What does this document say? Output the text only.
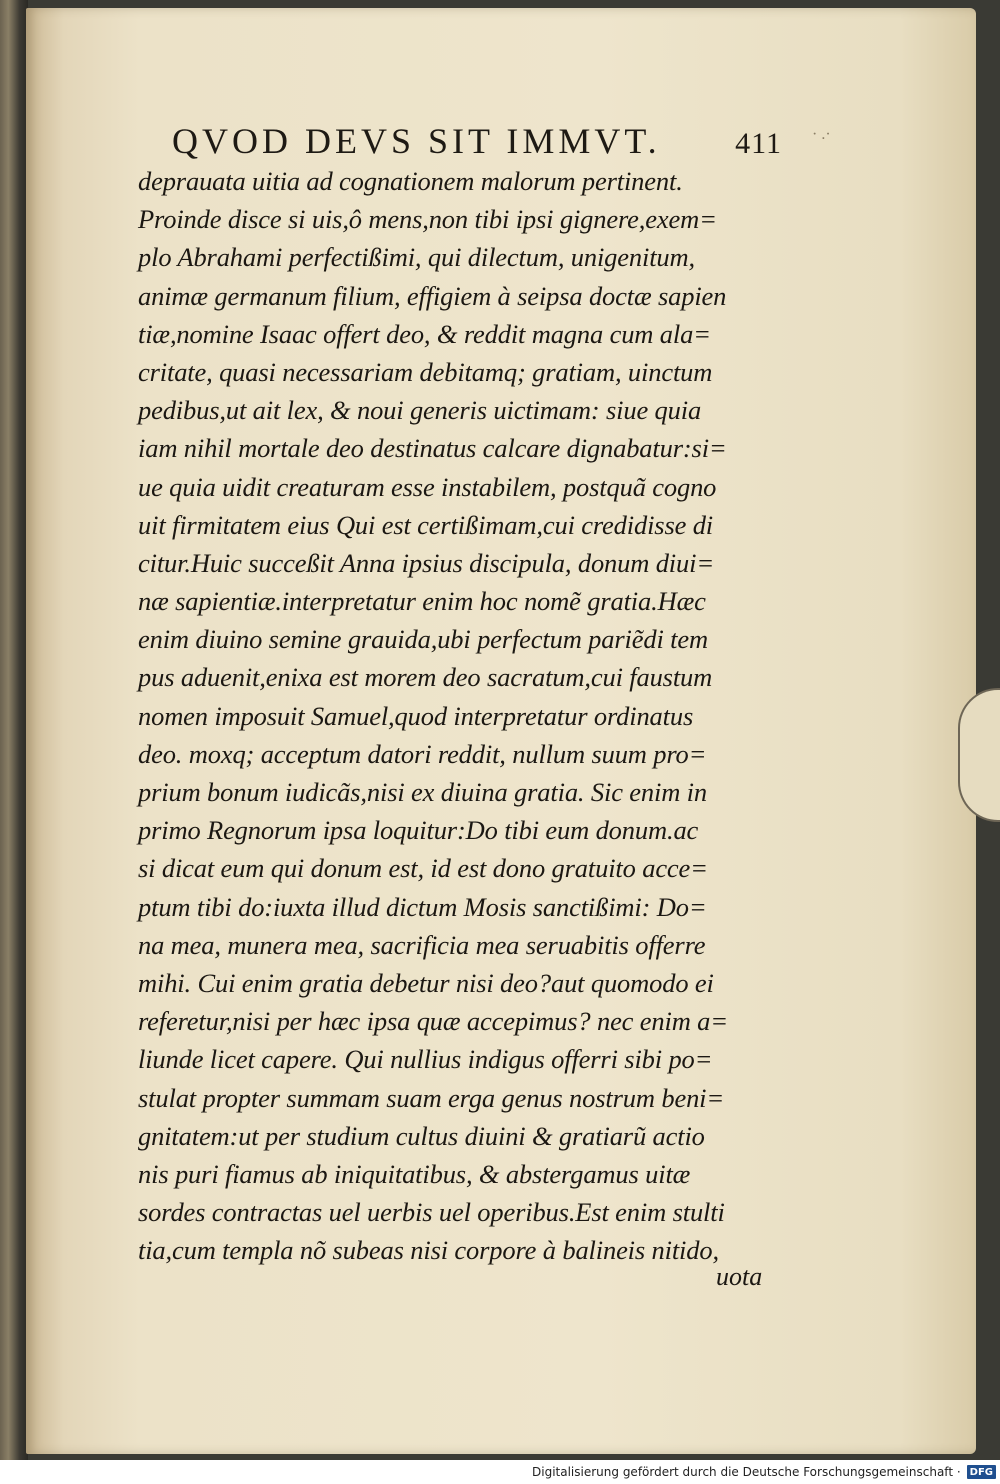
QVOD DEVS SIT IMMVT. 411 · .·
deprauata uitia ad cognationem malorum pertinent.
Proinde disce si uis,ô mens,non tibi ipsi gignere,exem=
plo Abrahami perfectißimi, qui dilectum, unigenitum,
animæ germanum filium, effigiem à seipsa doctæ sapien
tiæ,nomine Isaac offert deo, & reddit magna cum ala=
critate, quasi necessariam debitamq; gratiam, uinctum
pedibus,ut ait lex, & noui generis uictimam: siue quia
iam nihil mortale deo destinatus calcare dignabatur:si=
ue quia uidit creaturam esse instabilem, postquã cogno
uit firmitatem eius Qui est certißimam,cui credidisse di
citur.Huic succeßit Anna ipsius discipula, donum diui=
næ sapientiæ.interpretatur enim hoc nomẽ gratia.Hæc
enim diuino semine grauida,ubi perfectum pariẽdi tem
pus aduenit,enixa est morem deo sacratum,cui faustum
nomen imposuit Samuel,quod interpretatur ordinatus
deo. moxq; acceptum datori reddit, nullum suum pro=
prium bonum iudicãs,nisi ex diuina gratia. Sic enim in
primo Regnorum ipsa loquitur:Do tibi eum donum.ac
si dicat eum qui donum est, id est dono gratuito acce=
ptum tibi do:iuxta illud dictum Mosis sanctißimi: Do=
na mea, munera mea, sacrificia mea seruabitis offerre
mihi. Cui enim gratia debetur nisi deo?aut quomodo ei
referetur,nisi per hæc ipsa quæ accepimus? nec enim a=
liunde licet capere. Qui nullius indigus offerri sibi po=
stulat propter summam suam erga genus nostrum beni=
gnitatem:ut per studium cultus diuini & gratiarũ actio
nis puri fiamus ab iniquitatibus, & abstergamus uitæ
sordes contractas uel uerbis uel operibus.Est enim stulti
tia,cum templa nõ subeas nisi corpore à balineis nitido,
uota
Digitalisierung gefördert durch die Deutsche Forschungsgemeinschaft · DFG
